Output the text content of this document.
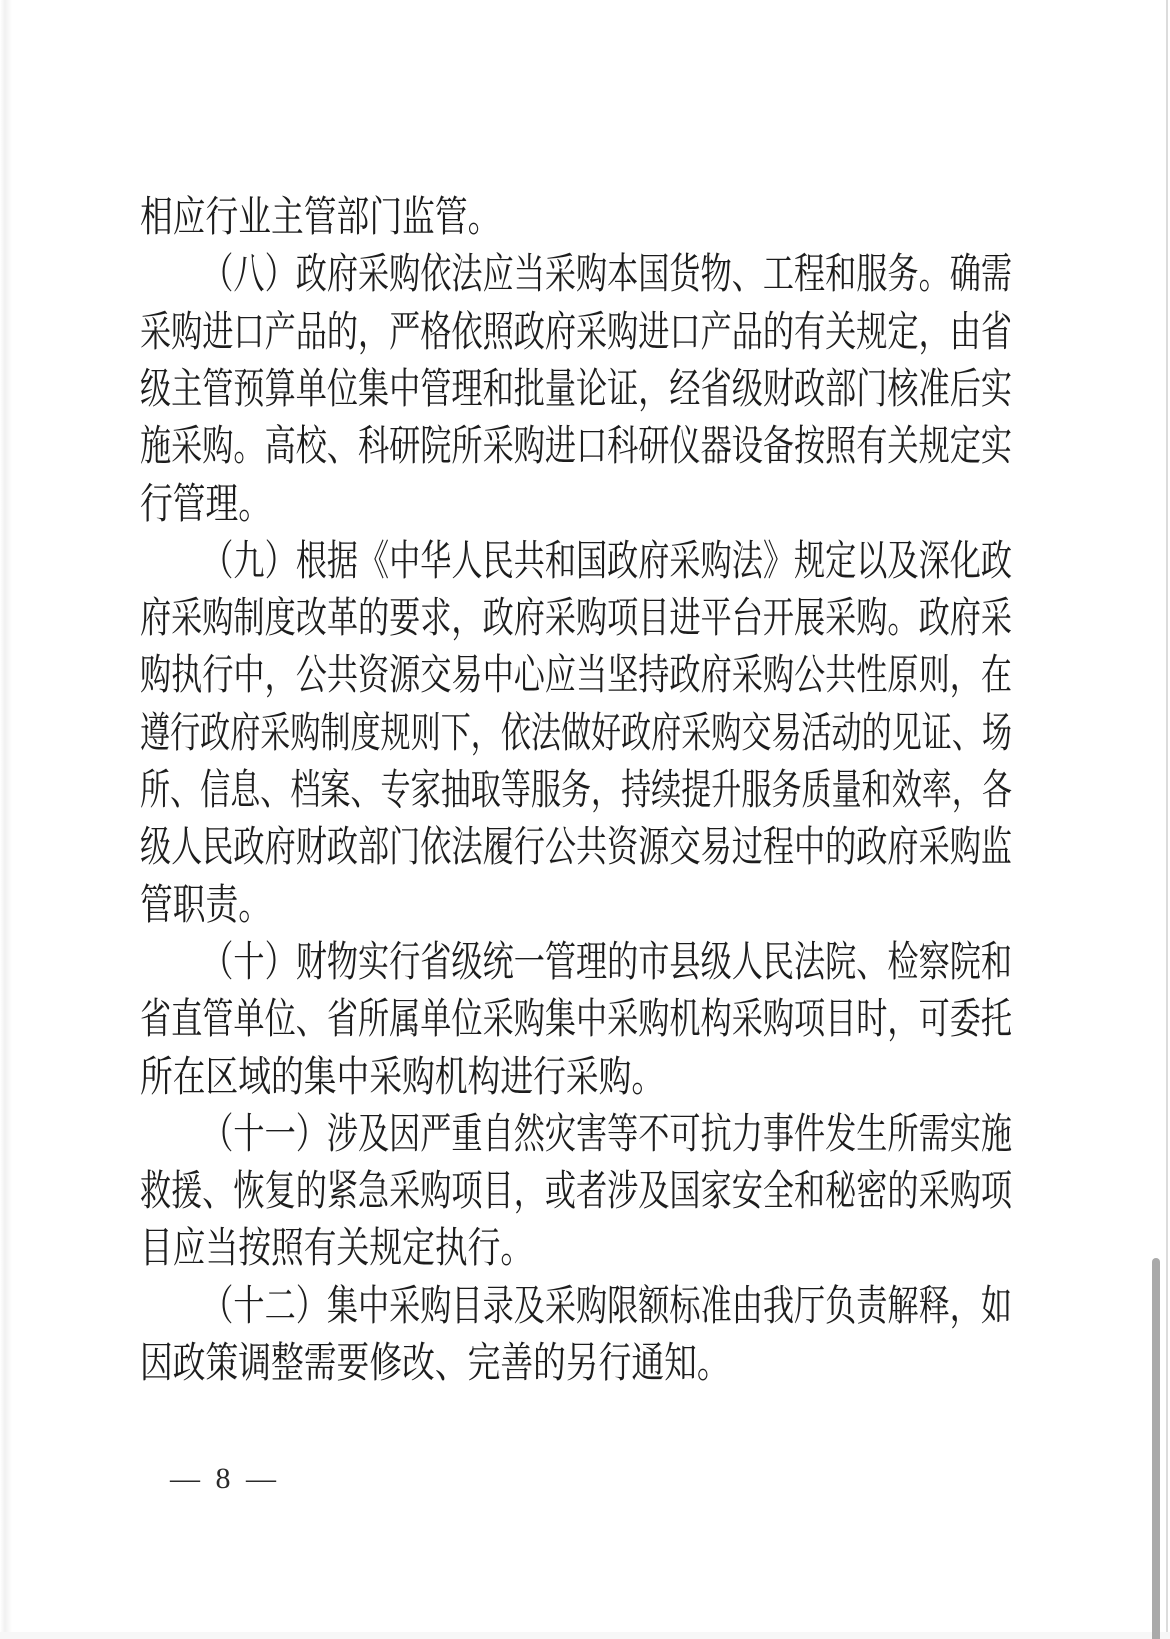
相应行业主管部门监管。
（八）政府采购依法应当采购本国货物、工程和服务。确需
采购进口产品的，严格依照政府采购进口产品的有关规定，由省
级主管预算单位集中管理和批量论证，经省级财政部门核准后实
施采购。高校、科研院所采购进口科研仪器设备按照有关规定实
行管理。
（九）根据《中华人民共和国政府采购法》规定以及深化政
府采购制度改革的要求，政府采购项目进平台开展采购。政府采
购执行中，公共资源交易中心应当坚持政府采购公共性原则，在
遵行政府采购制度规则下，依法做好政府采购交易活动的见证、场
所、信息、档案、专家抽取等服务，持续提升服务质量和效率，各
级人民政府财政部门依法履行公共资源交易过程中的政府采购监
管职责。
（十）财物实行省级统一管理的市县级人民法院、检察院和
省直管单位、省所属单位采购集中采购机构采购项目时，可委托
所在区域的集中采购机构进行采购。
（十一）涉及因严重自然灾害等不可抗力事件发生所需实施
救援、恢复的紧急采购项目，或者涉及国家安全和秘密的采购项
目应当按照有关规定执行。
（十二）集中采购目录及采购限额标准由我厅负责解释，如
因政策调整需要修改、完善的另行通知。
— 8 —
